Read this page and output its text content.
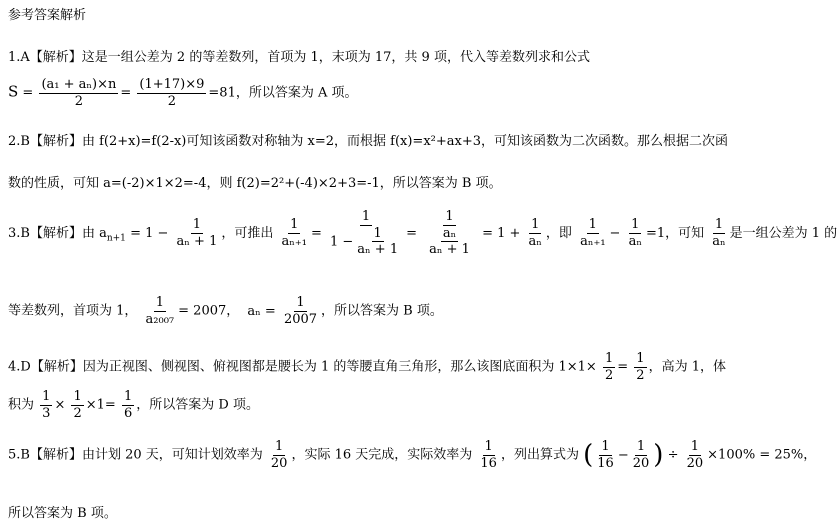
参考答案解析
1.A【解析】这是一组公差为 2 的等差数列，首项为 1，末项为 17，共 9 项，代入等差数列求和公式
$S = \frac{\text{(a₁ + aₙ)×n}}{2} = \frac{(1+17)\times 9}{2} =81$，所以答案为 A 项。
2.B【解析】由 f(2+x)=f(2-x)可知该函数对称轴为 x=2，而根据 f(x)=x²+ax+3，可知该函数为二次函数。那么根据二次函
数的性质，可知 a=(-2)×1×2=-4，则 f(2)=2²+(-4)×2+3=-1，所以答案为 B 项。
3.B【解析】由 $a_{n+1} = 1 - \frac{1}{\text{aₙ + 1}}$ ，可推出 $\frac{1}{\text{aₙ₊₁}} = \frac{1}{1 - \frac{1}{\text{aₙ + 1}}} = \frac{1}{\frac{\text{aₙ}}{\text{aₙ + 1}}} = 1 + \frac{1}{\text{aₙ}}$ ，即 $\frac{1}{\text{aₙ₊₁}} - \frac{1}{\text{aₙ}} =1$，可知 $\frac{1}{\text{aₙ}}$ 是一组公差为 1 的
等差数列，首项为 1， $\frac{1}{\text{a₂₀₀₇}} = 2007$， $a_n = \frac{1}{2007}$ ，所以答案为 B 项。
4.D【解析】因为正视图、侧视图、俯视图都是腰长为 1 的等腰直角三角形，那么该图底面积为 $1\times 1\times \frac{1}{2} = \frac{1}{2}$ ，高为 1，体
积为 $\frac{1}{3} \times \frac{1}{2} \times 1= \frac{1}{6}$ ，所以答案为 D 项。
5.B【解析】由计划 20 天，可知计划效率为 $\frac{1}{20}$ ，实际 16 天完成，实际效率为 $\frac{1}{16}$ ，列出算式为 ( $\frac{1}{16} - \frac{1}{20}$ ) ÷ $\frac{1}{20} \times 100\% = 25\%$，
所以答案为 B 项。
